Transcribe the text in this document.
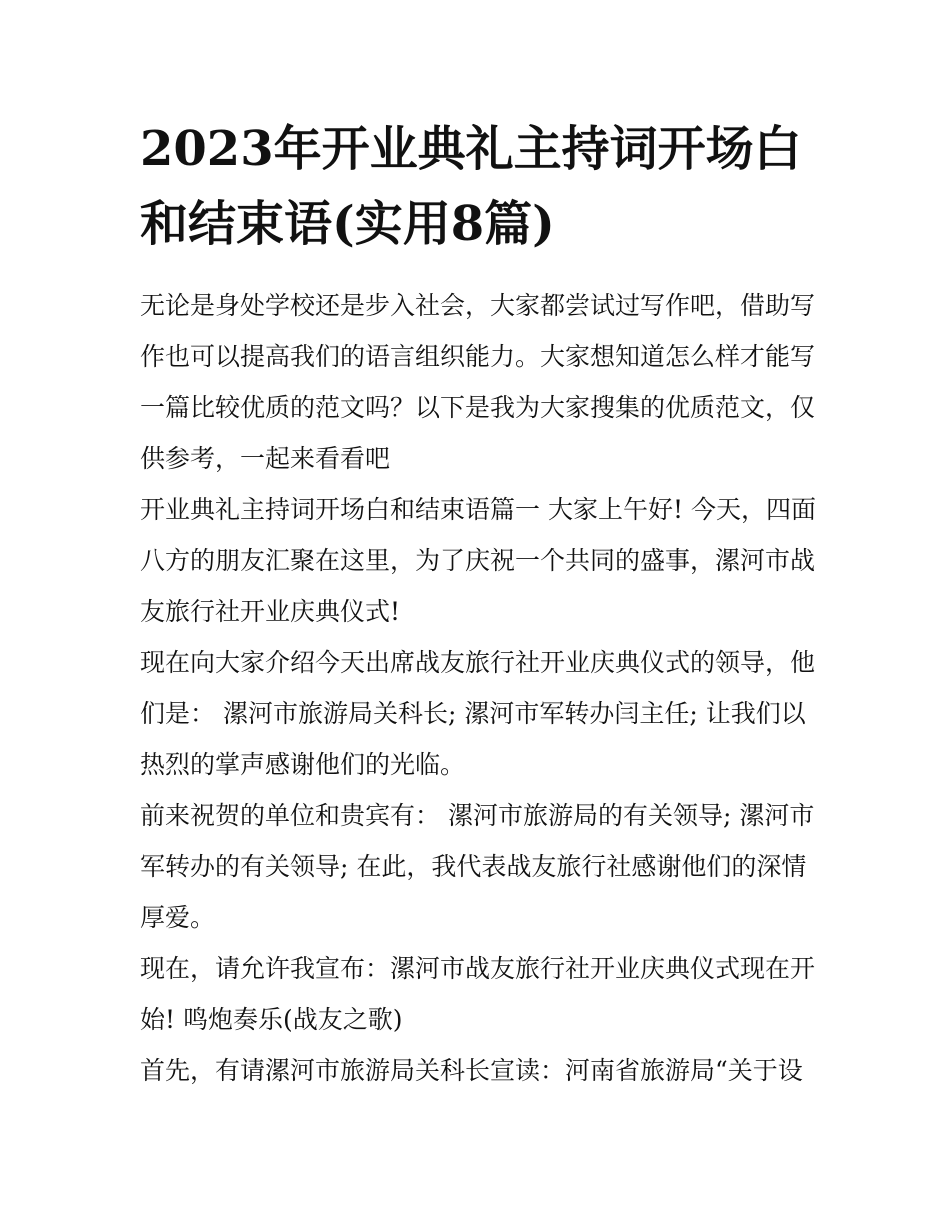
2023年开业典礼主持词开场白和结束语(实用8篇)

无论是身处学校还是步入社会，大家都尝试过写作吧，借助写作也可以提高我们的语言组织能力。大家想知道怎么样才能写一篇比较优质的范文吗？以下是我为大家搜集的优质范文，仅供参考，一起来看看吧

开业典礼主持词开场白和结束语篇一 大家上午好! 今天，四面八方的朋友汇聚在这里，为了庆祝一个共同的盛事，漯河市战友旅行社开业庆典仪式!

现在向大家介绍今天出席战友旅行社开业庆典仪式的领导，他们是： 漯河市旅游局关科长; 漯河市军转办闫主任; 让我们以热烈的掌声感谢他们的光临。

前来祝贺的单位和贵宾有： 漯河市旅游局的有关领导; 漯河市军转办的有关领导; 在此，我代表战友旅行社感谢他们的深情厚爱。

现在，请允许我宣布：漯河市战友旅行社开业庆典仪式现在开始! 鸣炮奏乐(战友之歌)

首先，有请漯河市旅游局关科长宣读：河南省旅游局“关于设
